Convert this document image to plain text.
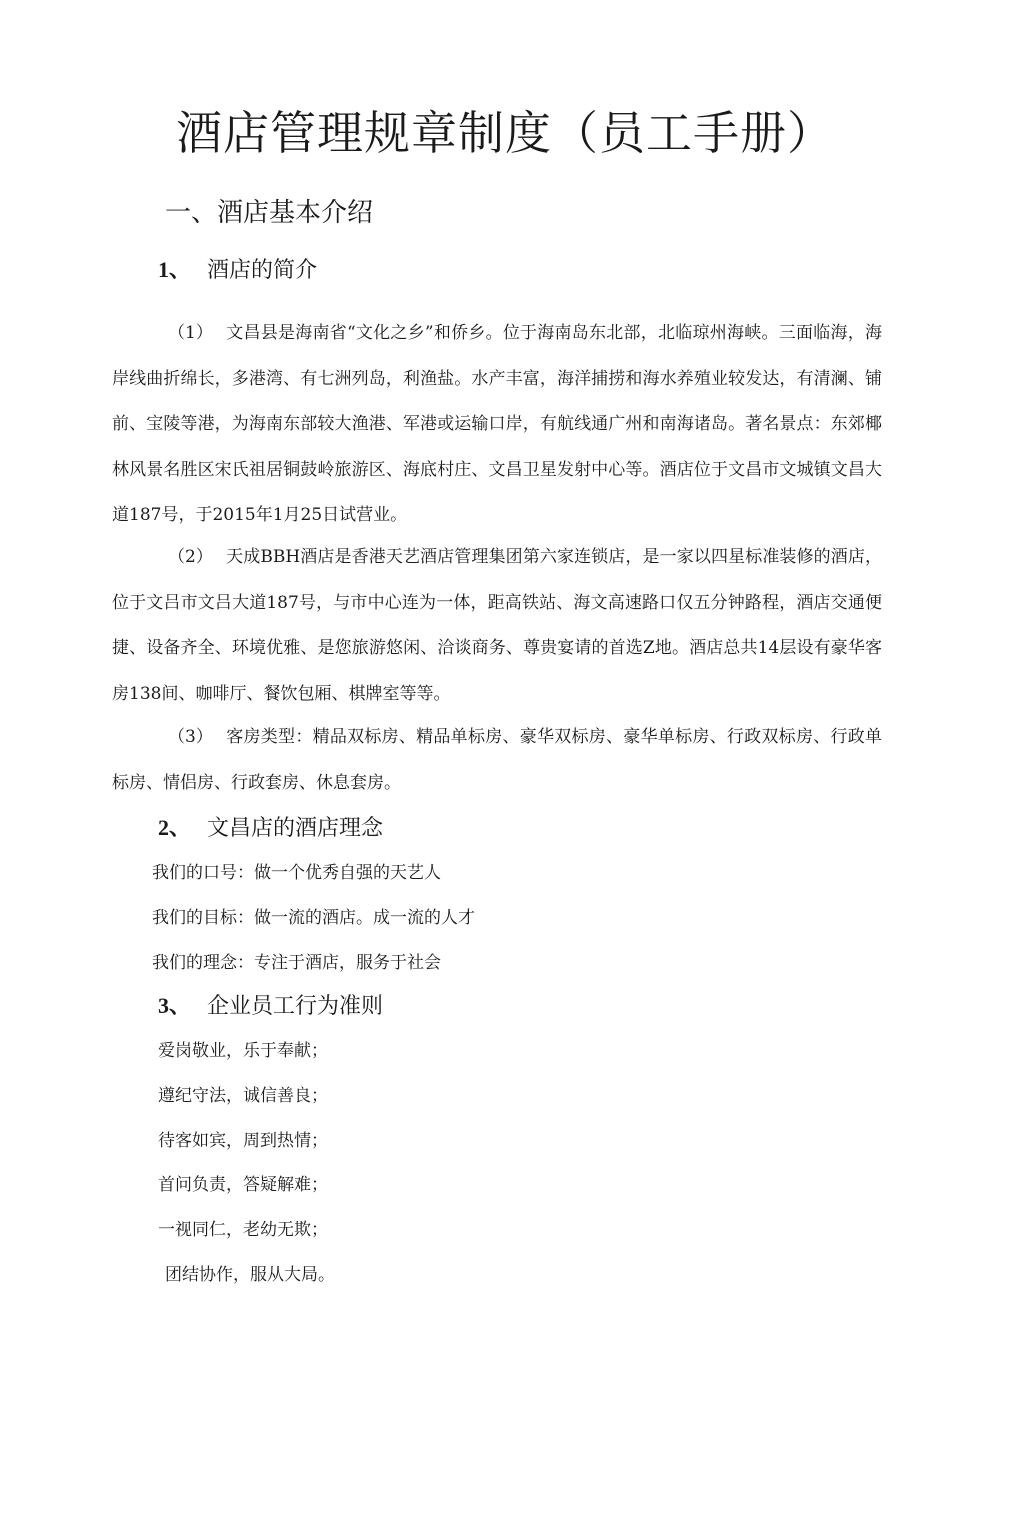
酒店管理规章制度（员工手册）
一、酒店基本介绍
1、 酒店的简介

（1） 文昌县是海南省“文化之乡”和侨乡。位于海南岛东北部，北临琼州海峡。三面临海，海岸线曲折绵长，多港湾、有七洲列岛，利渔盐。水产丰富，海洋捕捞和海水养殖业较发达，有清澜、铺前、宝陵等港，为海南东部较大渔港、军港或运输口岸，有航线通广州和南海诸岛。著名景点：东郊椰林风景名胜区宋氏祖居铜鼓岭旅游区、海底村庄、文昌卫星发射中心等。酒店位于文昌市文城镇文昌大道187号，于2015年1月25日试营业。

（2） 天成BBH酒店是香港天艺酒店管理集团第六家连锁店，是一家以四星标准装修的酒店，位于文吕市文吕大道187号，与市中心连为一体，距高铁站、海文高速路口仅五分钟路程，酒店交通便捷、设备齐全、环境优雅、是您旅游悠闲、洽谈商务、尊贵宴请的首选Z地。酒店总共14层设有豪华客房138间、咖啡厅、餐饮包厢、棋牌室等等。

（3） 客房类型：精品双标房、精品单标房、豪华双标房、豪华单标房、行政双标房、行政单标房、情侣房、行政套房、休息套房。

2、 文昌店的酒店理念

我们的口号：做一个优秀自强的天艺人

我们的目标：做一流的酒店。成一流的人才

我们的理念：专注于酒店，服务于社会

3、 企业员工行为准则

爱岗敬业，乐于奉献；

遵纪守法，诚信善良；

待客如宾，周到热情；

首问负责，答疑解难；

一视同仁，老幼无欺；

团结协作，服从大局。
